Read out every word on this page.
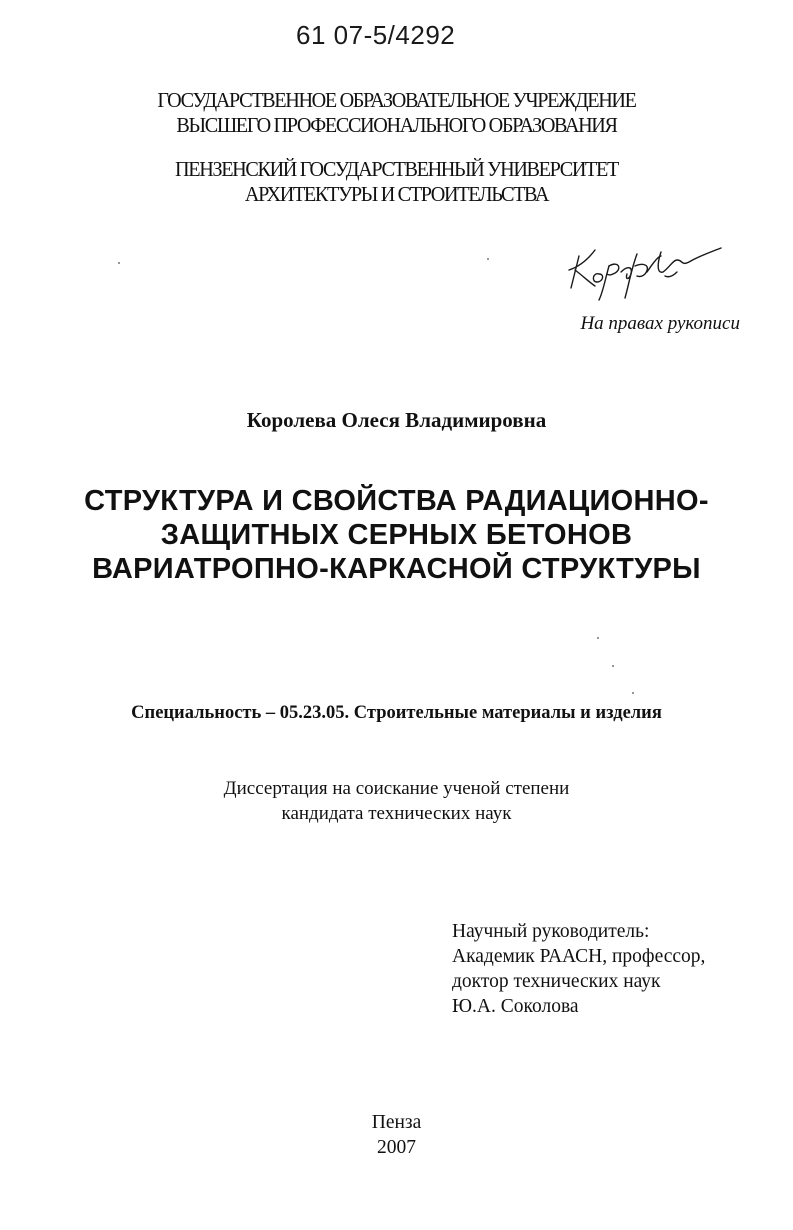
61 07-5/4292
ГОСУДАРСТВЕННОЕ ОБРАЗОВАТЕЛЬНОЕ УЧРЕЖДЕНИЕ
ВЫСШЕГО ПРОФЕССИОНАЛЬНОГО ОБРАЗОВАНИЯ
ПЕНЗЕНСКИЙ ГОСУДАРСТВЕННЫЙ УНИВЕРСИТЕТ
АРХИТЕКТУРЫ И СТРОИТЕЛЬСТВА
На правах рукописи
Королева Олеся Владимировна
СТРУКТУРА И СВОЙСТВА РАДИАЦИОННО-
ЗАЩИТНЫХ СЕРНЫХ БЕТОНОВ
ВАРИАТРОПНО-КАРКАСНОЙ СТРУКТУРЫ
Специальность – 05.23.05. Строительные материалы и изделия
Диссертация на соискание ученой степени
кандидата технических наук
Научный руководитель:
Академик РААСН, профессор,
доктор технических наук
Ю.А. Соколова
Пенза
2007
